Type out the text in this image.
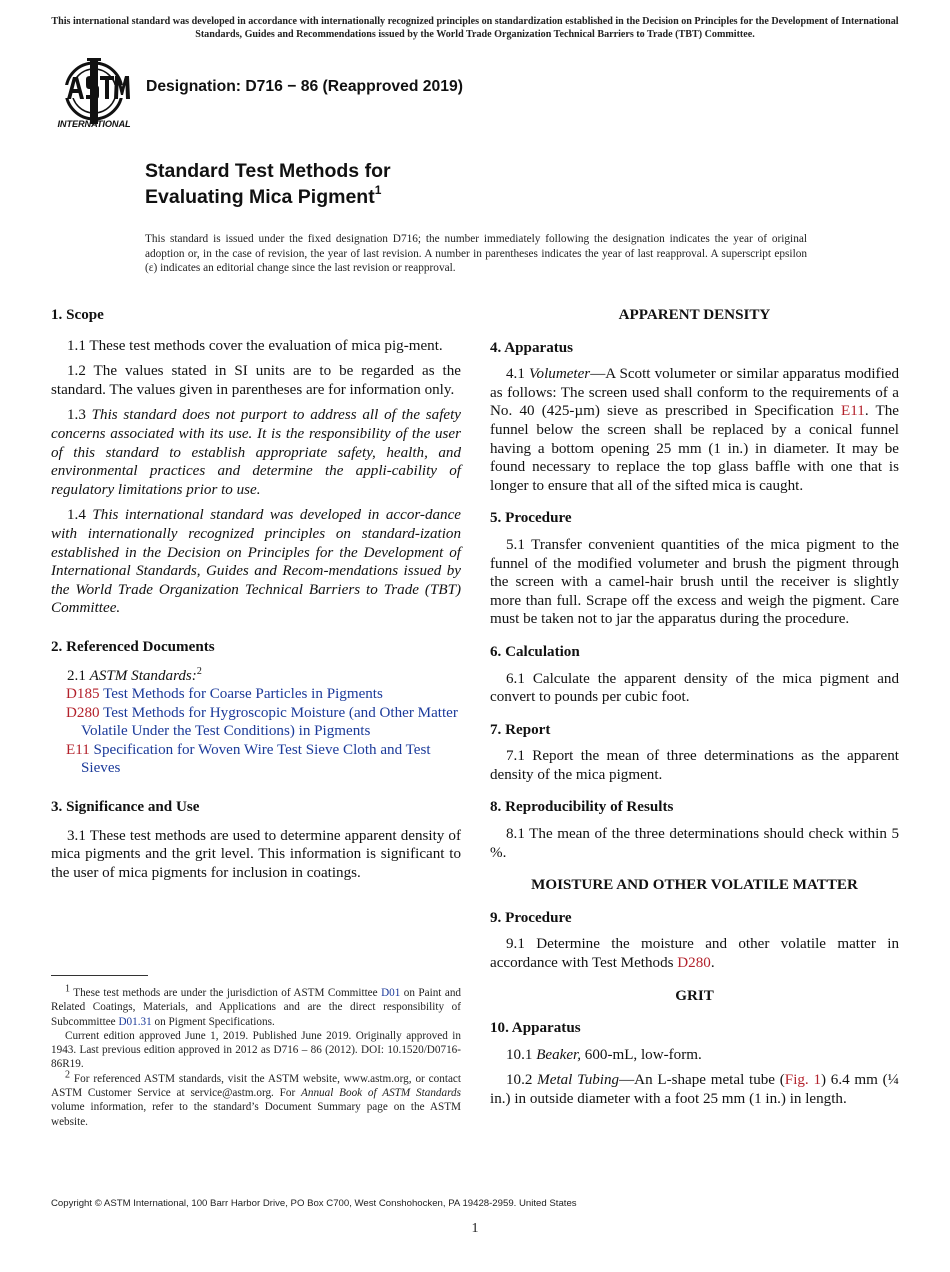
This international standard was developed in accordance with internationally recognized principles on standardization established in the Decision on Principles for the Development of International Standards, Guides and Recommendations issued by the World Trade Organization Technical Barriers to Trade (TBT) Committee.
INTERNATIONAL
Designation: D716 − 86 (Reapproved 2019)
Standard Test Methods for
Evaluating Mica Pigment$^1$
This standard is issued under the fixed designation D716; the number immediately following the designation indicates the year of original adoption or, in the case of revision, the year of last revision. A number in parentheses indicates the year of last reapproval. A superscript epsilon (ε) indicates an editorial change since the last revision or reapproval.
1. Scope

1.1 These test methods cover the evaluation of mica pig-ment.

1.2 The values stated in SI units are to be regarded as the standard. The values given in parentheses are for information only.

1.3 This standard does not purport to address all of the safety concerns associated with its use. It is the responsibility of the user of this standard to establish appropriate safety, health, and environmental practices and determine the appli-cability of regulatory limitations prior to use.

1.4 This international standard was developed in accor-dance with internationally recognized principles on standard-ization established in the Decision on Principles for the Development of International Standards, Guides and Recom-mendations issued by the World Trade Organization Technical Barriers to Trade (TBT) Committee.

2. Referenced Documents

2.1 ASTM Standards:$^2$

D185 Test Methods for Coarse Particles in Pigments
D280 Test Methods for Hygroscopic Moisture (and Other Matter Volatile Under the Test Conditions) in Pigments
E11 Specification for Woven Wire Test Sieve Cloth and Test Sieves
3. Significance and Use

3.1 These test methods are used to determine apparent density of mica pigments and the grit level. This information is significant to the user of mica pigments for inclusion in coatings.

$^1$ These test methods are under the jurisdiction of ASTM Committee D01 on Paint and Related Coatings, Materials, and Applications and are the direct responsibility of Subcommittee D01.31 on Pigment Specifications.

Current edition approved June 1, 2019. Published June 2019. Originally approved in 1943. Last previous edition approved in 2012 as D716 – 86 (2012). DOI: 10.1520/D0716-86R19.

$^2$ For referenced ASTM standards, visit the ASTM website, www.astm.org, or contact ASTM Customer Service at service@astm.org. For Annual Book of ASTM Standards volume information, refer to the standard’s Document Summary page on the ASTM website.

APPARENT DENSITY
4. Apparatus

4.1 Volumeter—A Scott volumeter or similar apparatus modified as follows: The screen used shall conform to the requirements of a No. 40 (425-µm) sieve as prescribed in Specification E11. The funnel below the screen shall be replaced by a conical funnel having a bottom opening 25 mm (1 in.) in diameter. It may be found necessary to replace the top glass baffle with one that is longer to ensure that all of the sifted mica is caught.

5. Procedure

5.1 Transfer convenient quantities of the mica pigment to the funnel of the modified volumeter and brush the pigment through the screen with a camel-hair brush until the receiver is slightly more than full. Scrape off the excess and weigh the pigment. Care must be taken not to jar the apparatus during the procedure.

6. Calculation

6.1 Calculate the apparent density of the mica pigment and convert to pounds per cubic foot.

7. Report

7.1 Report the mean of three determinations as the apparent density of the mica pigment.

8. Reproducibility of Results

8.1 The mean of the three determinations should check within 5 %.

MOISTURE AND OTHER VOLATILE MATTER
9. Procedure

9.1 Determine the moisture and other volatile matter in accordance with Test Methods D280.

GRIT
10. Apparatus

10.1 Beaker, 600-mL, low-form.

10.2 Metal Tubing—An L-shape metal tube (Fig. 1) 6.4 mm (¼ in.) in outside diameter with a foot 25 mm (1 in.) in length.

Copyright © ASTM International, 100 Barr Harbor Drive, PO Box C700, West Conshohocken, PA 19428-2959. United States
1
